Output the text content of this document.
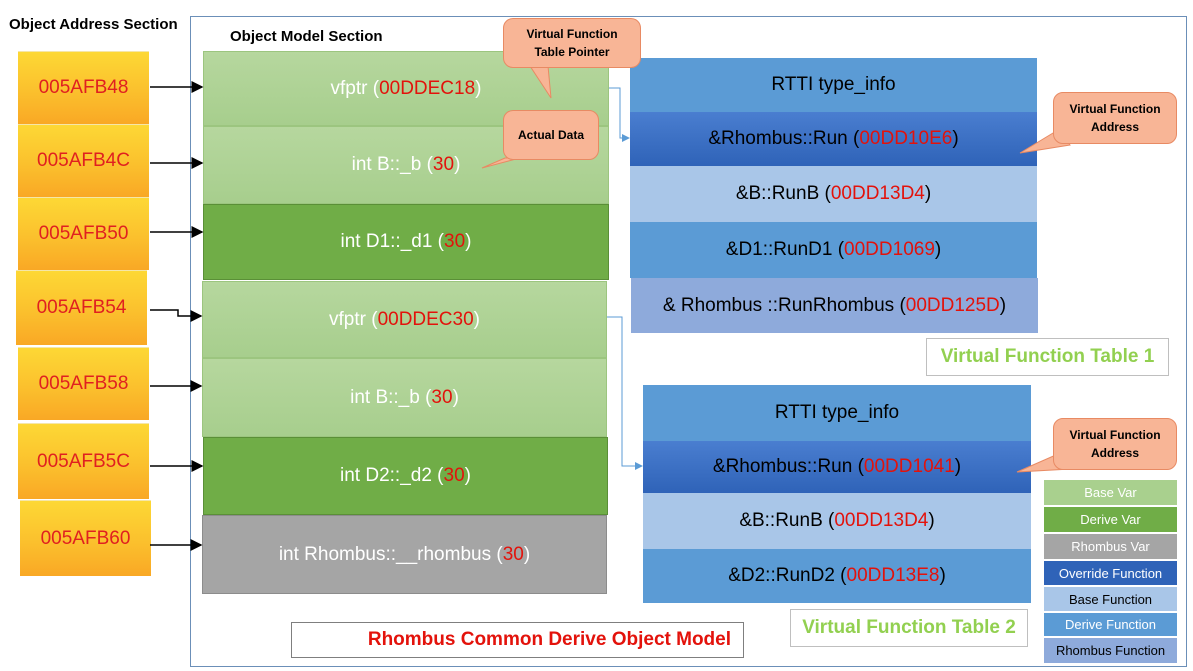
Object Address Section
Object Model Section
005AFB48
005AFB4C
005AFB50
005AFB54
005AFB58
005AFB5C
005AFB60
vfptr ( 00DDEC18 )
int B::_b ( 30 )
int D1::_d1 ( 30 )
vfptr ( 00DDEC30 )
int B::_b ( 30 )
int D2::_d2 ( 30 )
int Rhombus::__rhombus ( 30 )
RTTI type_info
&Rhombus::Run ( 00DD10E6 )
&B::RunB ( 00DD13D4 )
&D1::RunD1 ( 00DD1069 )
& Rhombus ::RunRhombus ( 00DD125D )
Virtual Function Table 1
RTTI type_info
&Rhombus::Run ( 00DD1041 )
&B::RunB ( 00DD13D4 )
&D2::RunD2 ( 00DD13E8 )
Virtual Function Table 2
Rhombus Common Derive Object Model
Base Var
Derive Var
Rhombus Var
Override Function
Base Function
Derive Function
Rhombus Function
Virtual Function
Table Pointer
Actual Data
Virtual Function
Address
Virtual Function
Address
